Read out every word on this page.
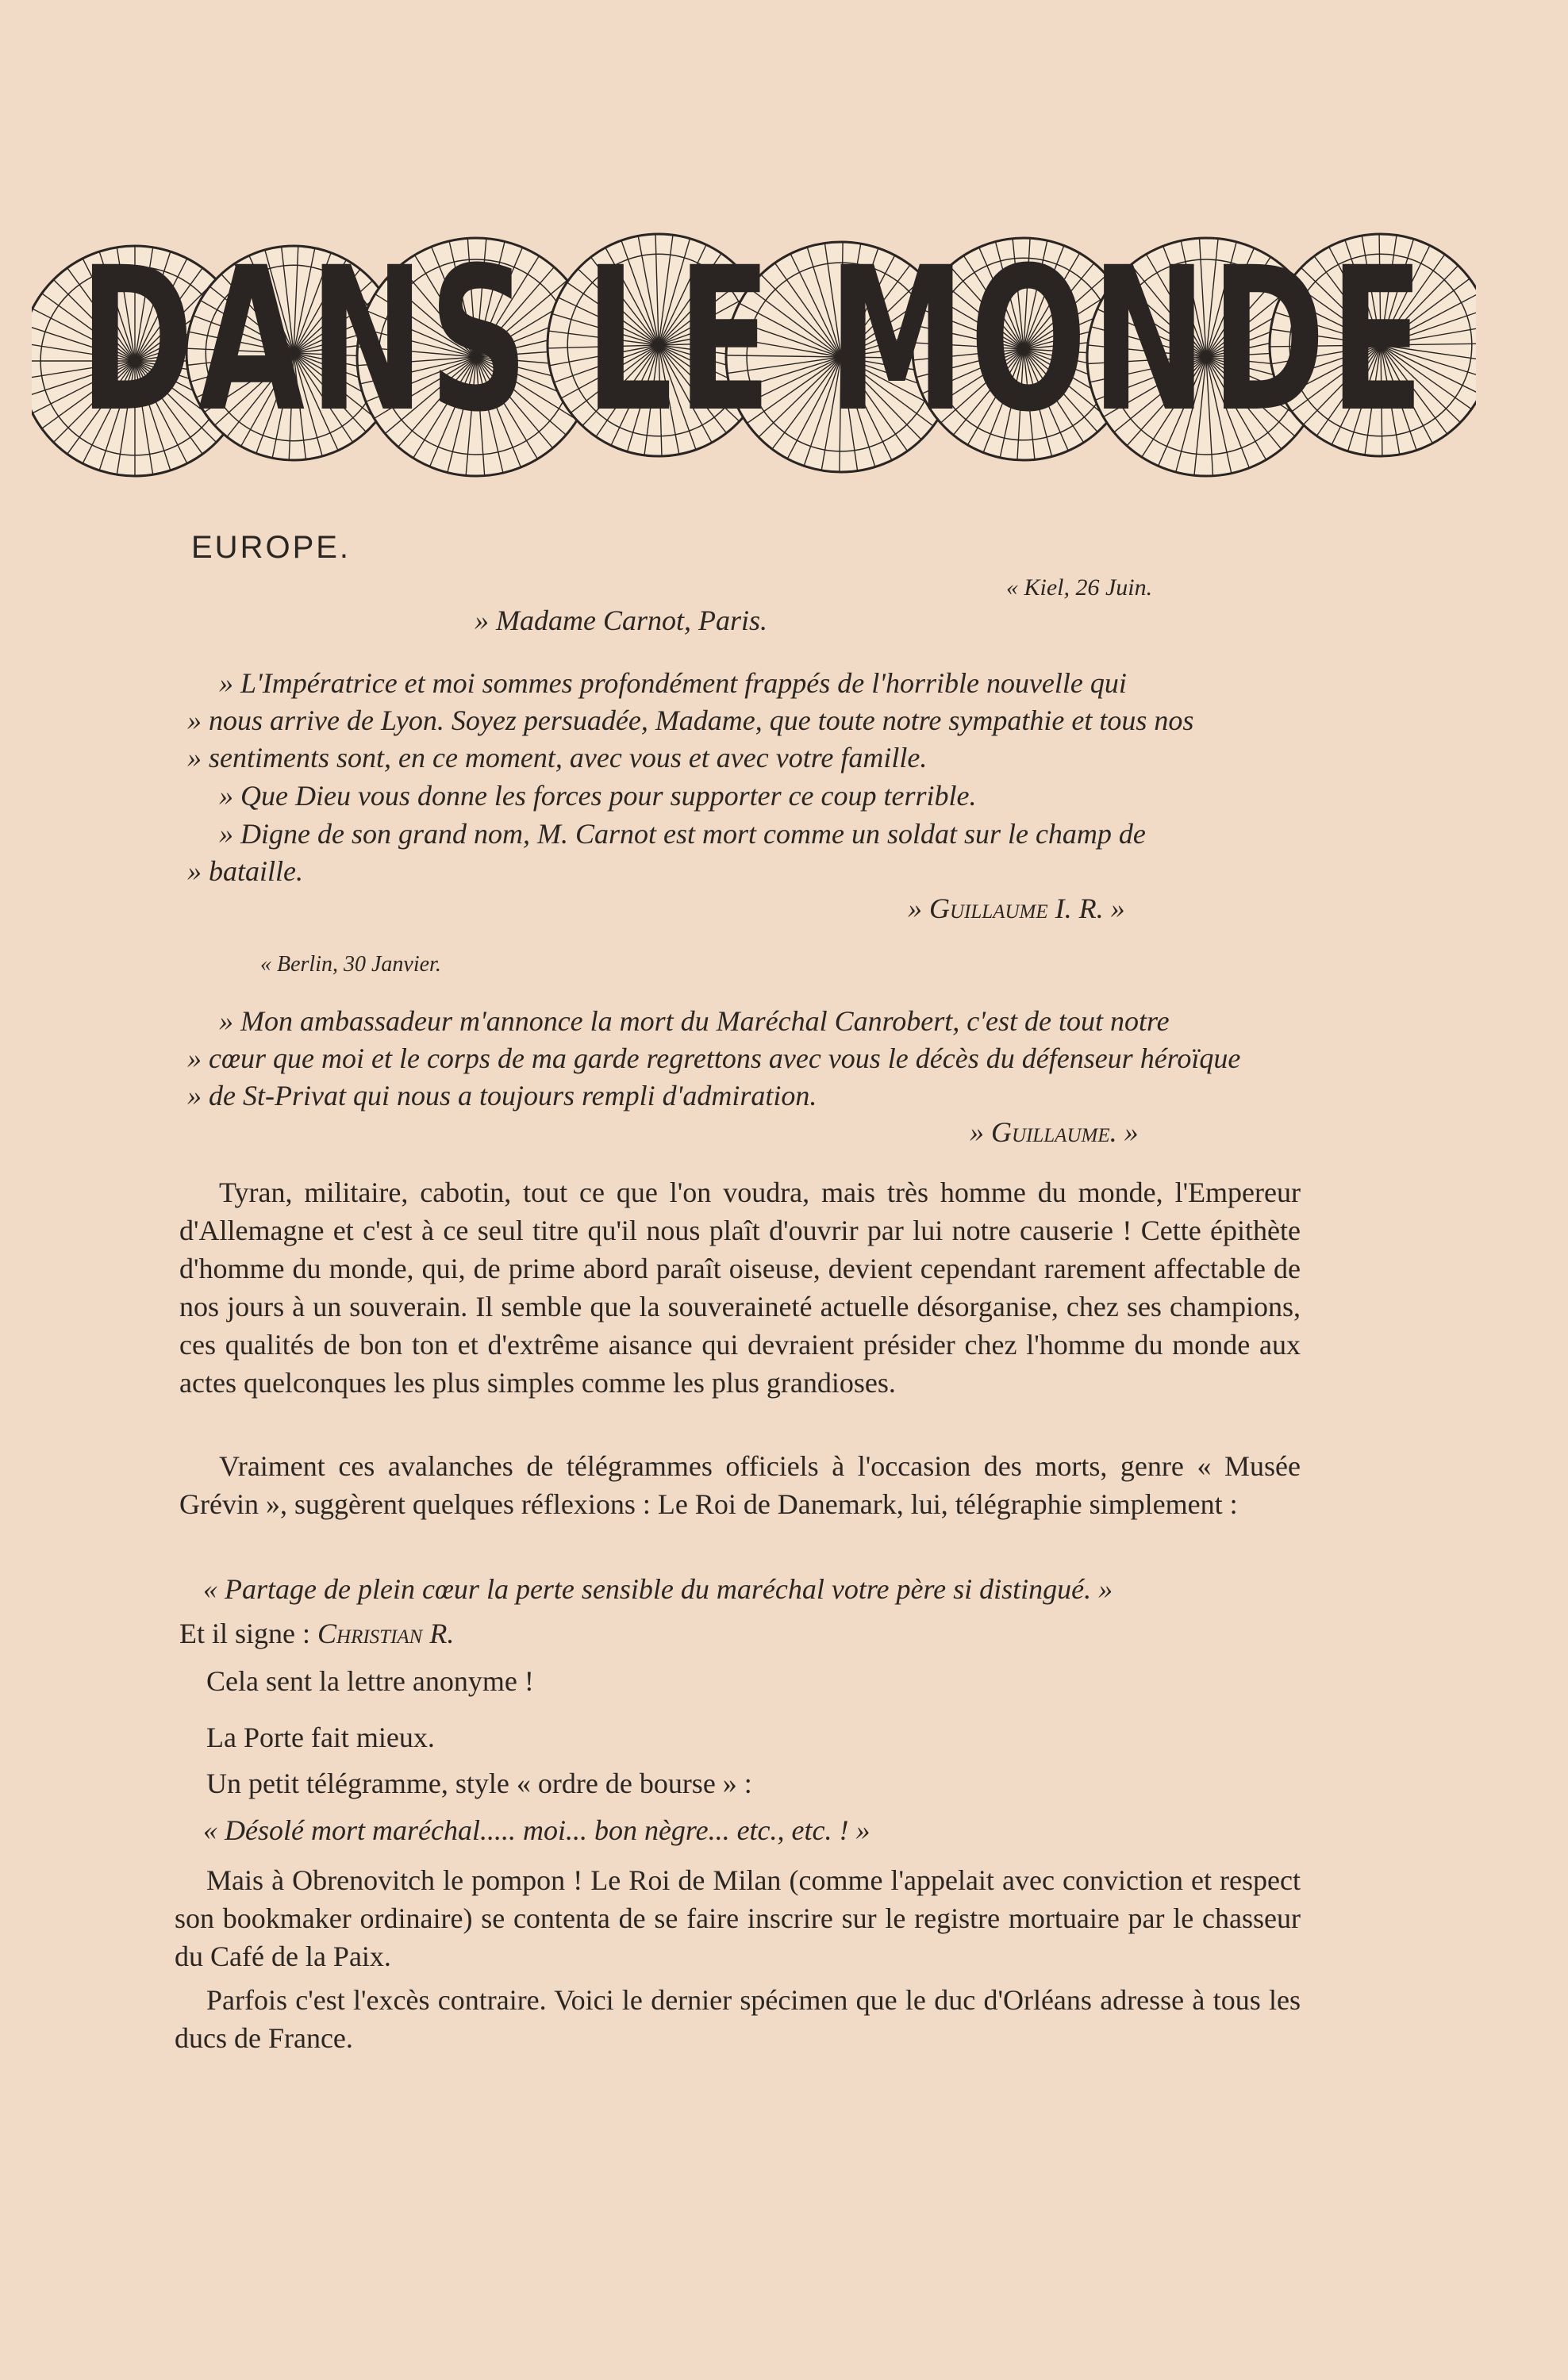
DANS LE MONDE
EUROPE.
« Kiel, 26 Juin.
» Madame Carnot, Paris.
» L'Impératrice et moi sommes profondément frappés de l'horrible nouvelle qui
» nous arrive de Lyon. Soyez persuadée, Madame, que toute notre sympathie et tous nos
» sentiments sont, en ce moment, avec vous et avec votre famille.
» Que Dieu vous donne les forces pour supporter ce coup terrible.
» Digne de son grand nom, M. Carnot est mort comme un soldat sur le champ de
» bataille.
» Guillaume I. R. »
« Berlin, 30 Janvier.
» Mon ambassadeur m'annonce la mort du Maréchal Canrobert, c'est de tout notre
» cœur que moi et le corps de ma garde regrettons avec vous le décès du défenseur héroïque
» de St-Privat qui nous a toujours rempli d'admiration.
» Guillaume. »
Tyran, militaire, cabotin, tout ce que l'on voudra, mais très homme du monde, l'Empereur d'Allemagne et c'est à ce seul titre qu'il nous plaît d'ouvrir par lui notre causerie ! Cette épithète d'homme du monde, qui, de prime abord paraît oiseuse, devient cependant rarement affectable de nos jours à un souverain. Il semble que la souveraineté actuelle désorganise, chez ses champions, ces qualités de bon ton et d'extrême aisance qui devraient présider chez l'homme du monde aux actes quelconques les plus simples comme les plus grandioses.
Vraiment ces avalanches de télégrammes officiels à l'occasion des morts, genre « Musée Grévin », suggèrent quelques réflexions : Le Roi de Danemark, lui, télégraphie simplement :
« Partage de plein cœur la perte sensible du maréchal votre père si distingué. »
Et il signe : Christian R.
Cela sent la lettre anonyme !
La Porte fait mieux.
Un petit télégramme, style « ordre de bourse » :
« Désolé mort maréchal..... moi... bon nègre... etc., etc. ! »
Mais à Obrenovitch le pompon ! Le Roi de Milan (comme l'appelait avec conviction et respect son bookmaker ordinaire) se contenta de se faire inscrire sur le registre mortuaire par le chasseur du Café de la Paix.
Parfois c'est l'excès contraire. Voici le dernier spécimen que le duc d'Orléans adresse à tous les ducs de France.
